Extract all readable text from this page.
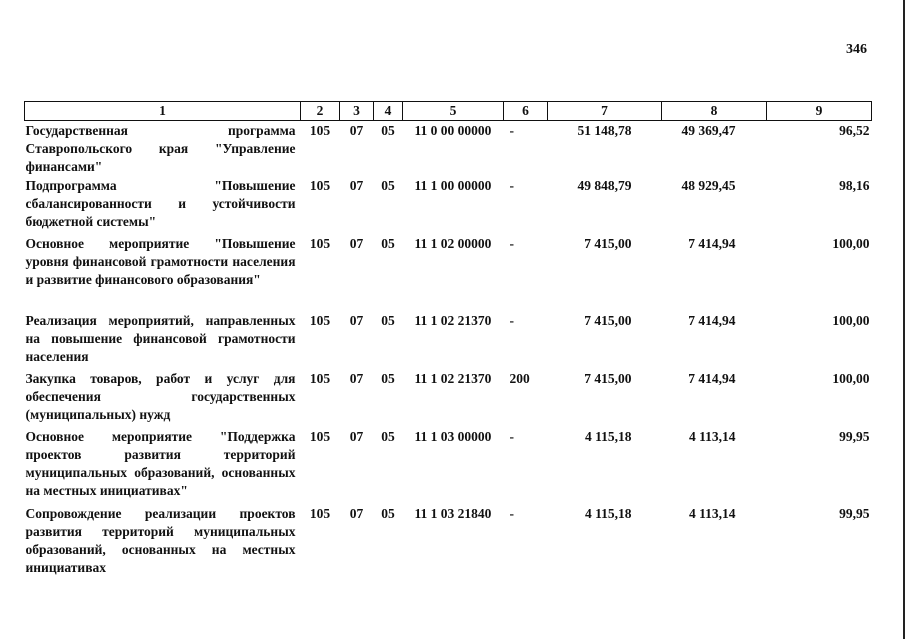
346
1	2	3	4	5	6	7	8	9
Государственная программа Ставропольского края "Управление финансами"	105	07	05	11 0 00 00000	-	51 148,78	49 369,47	96,52
Подпрограмма "Повышение сбалансированности и устойчивости бюджетной системы"	105	07	05	11 1 00 00000	-	49 848,79	48 929,45	98,16
Основное мероприятие "Повышение уровня финансовой грамотности населения и развитие финансового образования"	105	07	05	11 1 02 00000	-	7 415,00	7 414,94	100,00
Реализация мероприятий, направленных на повышение финансовой грамотности населения	105	07	05	11 1 02 21370	-	7 415,00	7 414,94	100,00
Закупка товаров, работ и услуг для обеспечения государственных (муниципальных) нужд	105	07	05	11 1 02 21370	200	7 415,00	7 414,94	100,00
Основное мероприятие "Поддержка проектов развития территорий муниципальных образований, основанных на местных инициативах"	105	07	05	11 1 03 00000	-	4 115,18	4 113,14	99,95
Сопровождение реализации проектов развития территорий муниципальных образований, основанных на местных инициативах	105	07	05	11 1 03 21840	-	4 115,18	4 113,14	99,95
